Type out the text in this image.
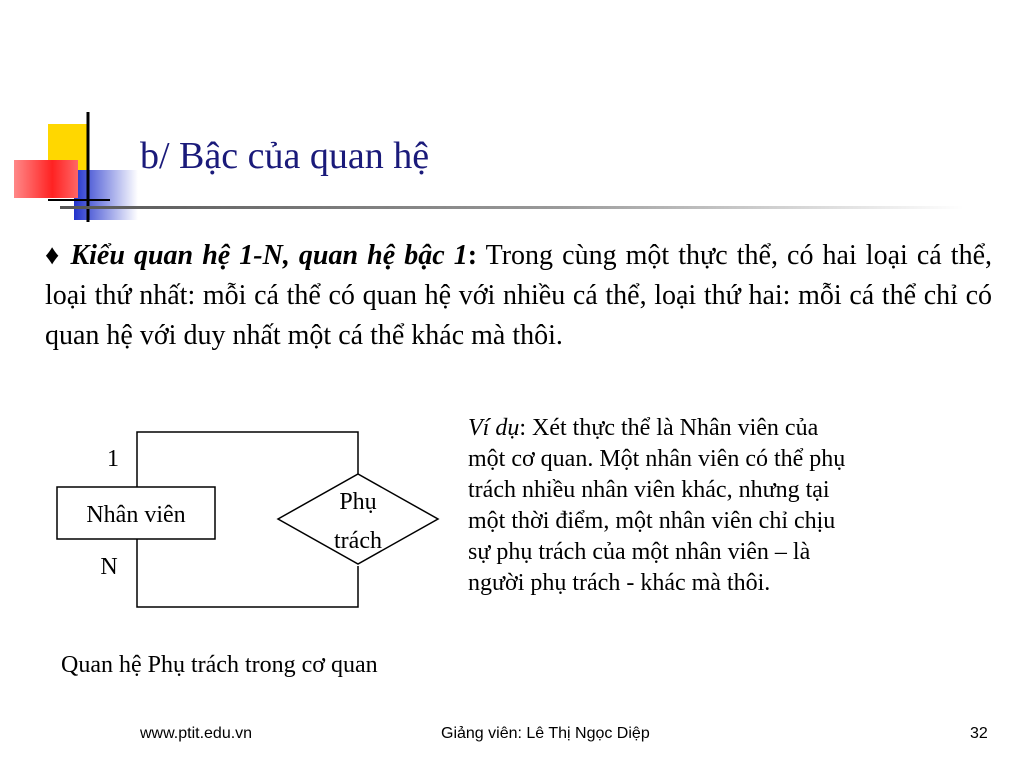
b/ Bậc của quan hệ
♦ Kiểu quan hệ 1-N, quan hệ bậc 1: Trong cùng một thực thể, có hai loại cá thể, loại thứ nhất: mỗi cá thể có quan hệ với nhiều cá thể, loại thứ hai: mỗi cá thể chỉ có quan hệ với duy nhất một cá thể khác mà thôi.
Nhân viên	Phụ
trách
1
N
Ví dụ: Xét thực thể là Nhân viên của
một cơ quan. Một nhân viên có thể phụ
trách nhiều nhân viên khác, nhưng tại
một thời điểm, một nhân viên chỉ chịu
sự phụ trách của một nhân viên – là
người phụ trách - khác mà thôi.
Quan hệ Phụ trách trong cơ quan
www.ptit.edu.vn	Giảng viên: Lê Thị Ngọc Diệp	32
